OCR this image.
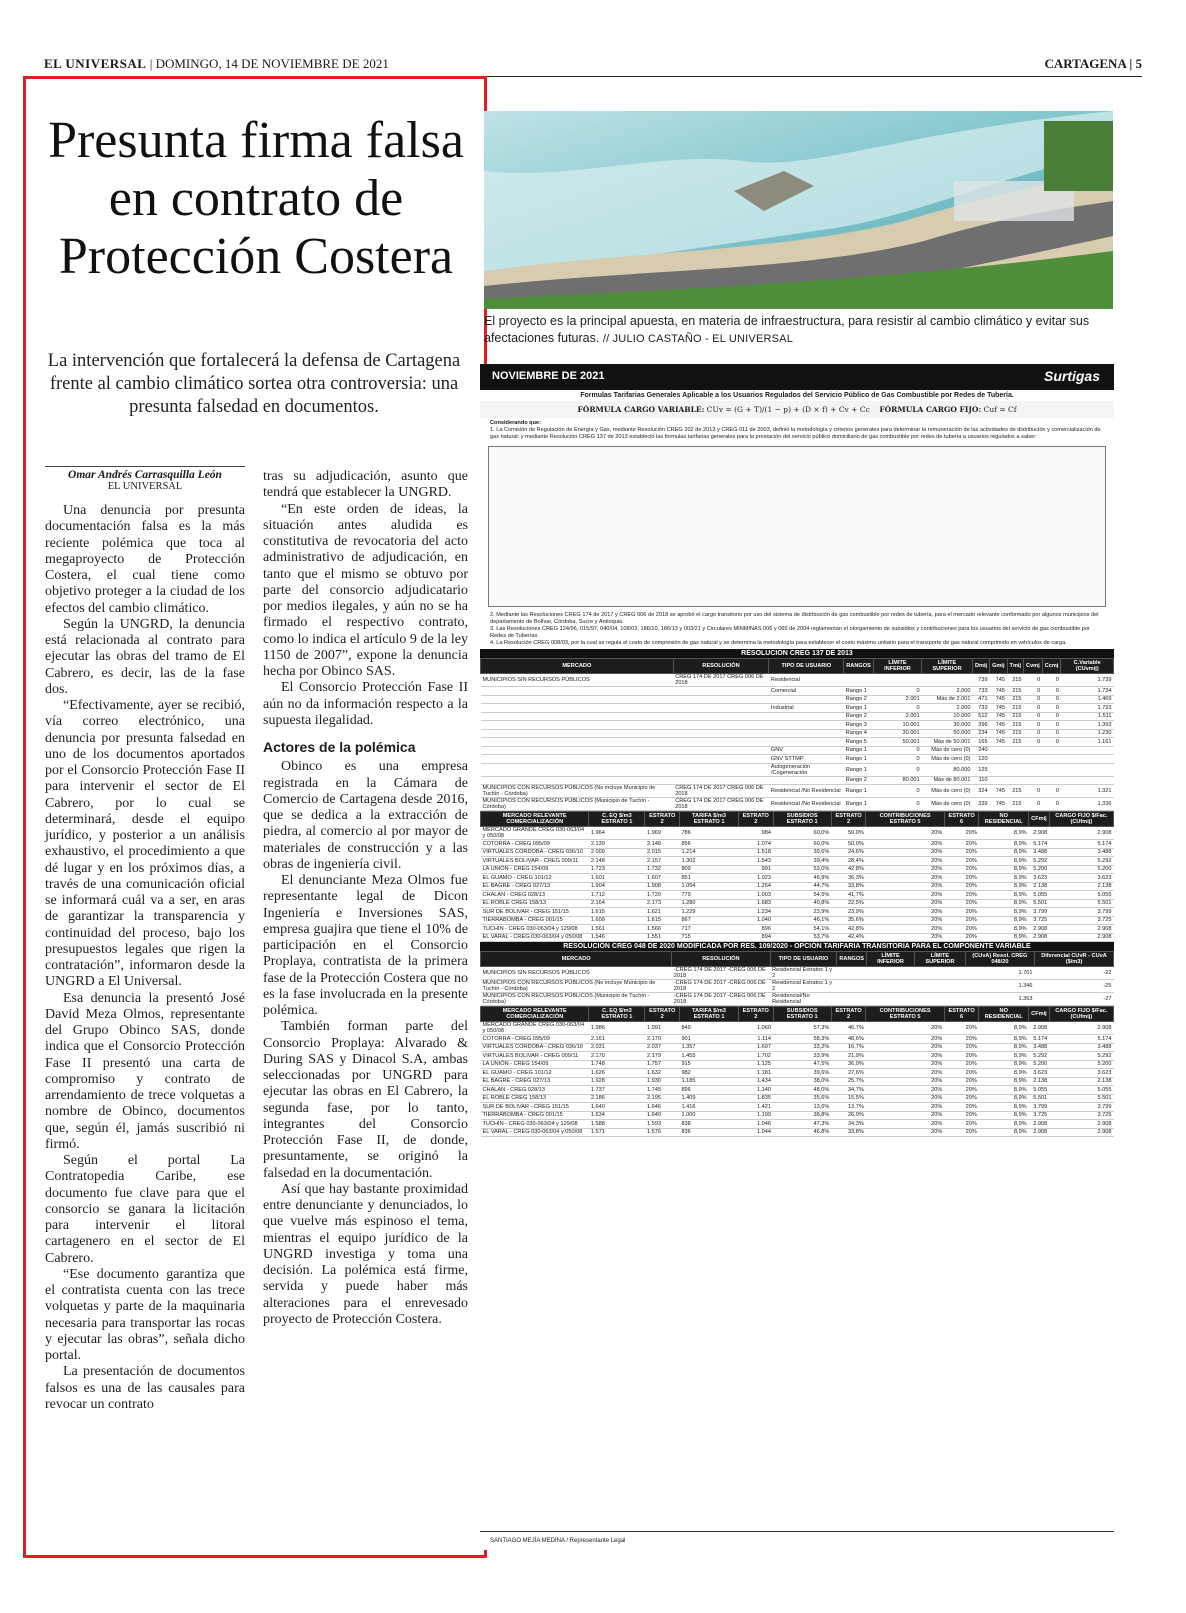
EL UNIVERSAL | DOMINGO, 14 DE NOVIEMBRE DE 2021	CARTAGENA | 5
Presunta firma falsa en contrato de Protección Costera

La intervención que fortalecerá la defensa de Cartagena frente al cambio climático sortea otra controversia: una presunta falsedad en documentos.

Omar Andrés Carrasquilla León
EL UNIVERSAL

Una denuncia por presunta documentación falsa es la más reciente polémica que toca al megaproyecto de Protección Costera, el cual tiene como objetivo proteger a la ciudad de los efectos del cambio climático.

Según la UNGRD, la denuncia está relacionada al contrato para ejecutar las obras del tramo de El Cabrero, es decir, las de la fase dos.

“Efectivamente, ayer se recibió, vía correo electrónico, una denuncia por presunta falsedad en uno de los documentos aportados por el Consorcio Protección Fase II para intervenir el sector de El Cabrero, por lo cual se determinará, desde el equipo jurídico, y posterior a un análisis exhaustivo, el procedimiento a que dé lugar y en los próximos días, a través de una comunicación oficial se informará cuál va a ser, en aras de garantizar la transparencia y continuidad del proceso, bajo los presupuestos legales que rigen la contratación”, informaron desde la UNGRD a El Universal.

Esa denuncia la presentó José David Meza Olmos, representante del Grupo Obinco SAS, donde indica que el Consorcio Protección Fase II presentó una carta de compromiso y contrato de arrendamiento de trece volquetas a nombre de Obinco, documentos que, según él, jamás suscribió ni firmó.

Según el portal La Contratopedia Caribe, ese documento fue clave para que el consorcio se ganara la licitación para intervenir el litoral cartagenero en el sector de El Cabrero.

“Ese documento garantiza que el contratista cuenta con las trece volquetas y parte de la maquinaria necesaria para transportar las rocas y ejecutar las obras”, señala dicho portal.

La presentación de documentos falsos es una de las causales para revocar un contrato

tras su adjudicación, asunto que tendrá que establecer la UNGRD.

“En este orden de ideas, la situación antes aludida es constitutiva de revocatoria del acto administrativo de adjudicación, en tanto que el mismo se obtuvo por parte del consorcio adjudicatario por medios ilegales, y aún no se ha firmado el respectivo contrato, como lo indica el artículo 9 de la ley 1150 de 2007”, expone la denuncia hecha por Obinco SAS.

El Consorcio Protección Fase II aún no da información respecto a la supuesta ilegalidad.

Actores de la polémica

Obinco es una empresa registrada en la Cámara de Comercio de Cartagena desde 2016, que se dedica a la extracción de piedra, al comercio al por mayor de materiales de construcción y a las obras de ingeniería civil.

El denunciante Meza Olmos fue representante legal de Dicon Ingeniería e Inversiones SAS, empresa guajira que tiene el 10% de participación en el Consorcio Proplaya, contratista de la primera fase de la Protección Costera que no es la fase involucrada en la presente polémica.

También forman parte del Consorcio Proplaya: Alvarado & During SAS y Dinacol S.A, ambas seleccionadas por UNGRD para ejecutar las obras en El Cabrero, la segunda fase, por lo tanto, integrantes del Consorcio Protección Fase II, de donde, presuntamente, se originó la falsedad en la documentación.

Así que hay bastante proximidad entre denunciante y denunciados, lo que vuelve más espinoso el tema, mientras el equipo jurídico de la UNGRD investiga y toma una decisión. La polémica está firme, servida y puede haber más alteraciones para el enrevesado proyecto de Protección Costera.

El proyecto es la principal apuesta, en materia de infraestructura, para resistir al cambio climático y evitar sus afectaciones futuras. // JULIO CASTAÑO - EL UNIVERSAL
NOVIEMBRE DE 2021	Surtigas
Formulas Tarifarias Generales Aplicable a los Usuarios Regulados del Servicio Público de Gas Combustible por Redes de Tubería.
FÓRMULA CARGO VARIABLE: CUv = (G + T)/(1 − p) + (D × f) + Cv + Cc    FÓRMULA CARGO FIJO: Cuf = Cf
Considerando que:
1. La Comisión de Regulación de Energía y Gas, mediante Resolución CREG 202 de 2013 y CREG 011 de 2003, definió la metodología y criterios generales para determinar la remuneración de las actividades de distribución y comercialización de gas natural; y mediante Resolución CREG 137 de 2013 estableció las formulas tarifarias generales para la prestación del servicio público domiciliario de gas combustible por redes de tubería a usuarios regulados a saber:
2. Mediante las Resoluciones CREG 174 de 2017 y CREG 006 de 2018 se aprobó el cargo transitorio por uso del sistema de distribución de gas combustible por redes de tubería, para el mercado relevante conformado por algunos municipios del departamento de Bolívar, Córdoba, Sucre y Antioquia.
3. Las Resoluciones CREG 124/96, 015/97, 040/04, 108/03, 186/10, 186/13 y 003/21 y Circulares MINMINAS 006 y 065 de 2004 reglamentan el otorgamiento de subsidios y contribuciones para los usuarios del servicio de gas combustible por Redes de Tuberías.
4. La Resolución CREG 008/03, por la cual se regula el costo de compresión de gas natural y se determina la metodología para establecer el costo máximo unitario para el transporte de gas natural comprimido en vehículos de carga.
RESOLUCIÓN CREG 137 DE 2013
MERCADO	RESOLUCIÓN	TIPO DE USUARIO	RANGOS	LÍMITE INFERIOR	LÍMITE SUPERIOR	Dmij	Gmij	Tmij	Cvmj	Ccmj	C.Variable (CUvmij)
MUNICIPIOS SIN RECURSOS PÚBLICOS	CREG 174 DE 2017 CREG 006 DE 2018	Residencial				739	745	215	0	0	1.739
		Comercial	Rango 1	0	2.000	733	745	215	0	0	1.734
			Rango 2	2.001	Más de 2.001	471	745	215	0	0	1.469
		Industrial	Rango 1	0	2.000	733	745	215	0	0	1.733
			Rango 2	2.001	10.000	512	745	215	0	0	1.511
			Rango 3	10.001	30.000	396	745	215	0	0	1.393
			Rango 4	30.001	50.000	234	745	215	0	0	1.230
			Rango 5	50.001	Más de 50.001	165	745	215	0	0	1.161
		GNV	Rango 1	0	Más de cero (0)	240					
		GNV STTMP	Rango 1	0	Más de cero (0)	120					
		Autogeneración /Cogeneración	Rango 1	0	80.000	125					
			Rango 2	80.001	Más de 80.001	110					
MUNICIPIOS CON RECURSOS PÚBLICOS (No incluye Municipio de Tuchín - Córdoba)	CREG 174 DE 2017 CREG 006 DE 2018	Residencial /No Residencial	Rango 1	0	Más de cero (0)	324	745	215	0	0	1.321
MUNICIPIOS CON RECURSOS PÚBLICOS (Municipio de Tuchín - Córdoba)	CREG 174 DE 2017 CREG 006 DE 2018	Residencial /No Residencial	Rango 1	0	Más de cero (0)	339	745	215	0	0	1.336
MERCADO RELEVANTE COMERCIALIZACIÓN	C. EQ $/m3 ESTRATO 1	ESTRATO 2	TARIFA $/m3 ESTRATO 1	ESTRATO 2	SUBSIDIOS ESTRATO 1	ESTRATO 2	CONTRIBUCIONES ESTRATO 5	ESTRATO 6	NO RESIDENCIAL	CFmij	CARGO FIJO $/Fac. (CUfmij)
MERCADO GRANDE CREG 030-063/04 y 050/08	1.964	1.969	786	984	60,0%	50,0%	20%	20%	8,9%	2.908	2.908
COTORRA - CREG 095/09	2.139	2.148	856	1.074	60,0%	50,0%	20%	20%	8,9%	5.174	5.174
VIRTUALES CORDOBA - CREG 036/10	2.009	2.015	1.214	1.518	39,6%	24,6%	20%	20%	8,9%	3.488	3.488
VIRTUALES BOLIVAR - CREG 009/11	2.148	2.157	1.302	1.543	39,4%	28,4%	20%	20%	8,9%	5.292	5.292
LA UNIÓN - CREG 154/09	1.723	1.732	809	991	53,0%	42,8%	20%	20%	8,9%	5.200	5.200
EL GUAMO - CREG 101/12	1.601	1.607	851	1.023	46,9%	36,3%	20%	20%	8,9%	3.623	3.623
EL BAGRE - CREG 027/13	1.904	1.908	1.054	1.264	44,7%	33,8%	20%	20%	8,9%	2.138	2.138
CHALAN - CREG 028/13	1.712	1.720	779	1.003	54,5%	41,7%	20%	20%	8,9%	5.055	5.055
EL ROBLE CREG 158/13	2.164	2.173	1.280	1.683	40,8%	22,5%	20%	20%	8,9%	5.501	5.501
SUR DE BOLIVAR - CREG 151/15	1.615	1.621	1.229	1.234	23,9%	23,9%	20%	20%	8,9%	3.799	3.799
TIERRABOMBA - CREG 001/15	1.609	1.615	867	1.040	46,1%	35,6%	20%	20%	8,9%	3.725	3.725
TUCHÍN - CREG 030-063/04 y 129/08	1.561	1.566	717	896	54,1%	42,8%	20%	20%	8,9%	2.908	2.908
EL VARAL - CREG 030-063/04 y 050/08	1.546	1.551	715	894	53,7%	42,4%	20%	20%	8,9%	2.908	2.908
RESOLUCIÓN CREG 048 DE 2020 MODIFICADA POR RES. 109/2020 - OPCIÓN TARIFARIA TRANSITORIA PARA EL COMPONENTE VARIABLE
MERCADO	RESOLUCIÓN	TIPO DE USUARIO	RANGOS	LÍMITE INFERIOR	LÍMITE SUPERIOR	(CUvA) Resol. CREG 048/20	Diferencial CUvR - CUvA ($/m3)
MUNICIPIOS SIN RECURSOS PÚBLICOS	-CREG 174 DE 2017 -CREG 006 DE 2018	Residencial Estratos 1 y 2				1.761	-22
MUNICIPIOS CON RECURSOS PÚBLICOS (No incluye Municipio de Tuchín - Córdoba)	-CREG 174 DE 2017 -CREG 006 DE 2018	Residencial Estratos 1 y 2				1.346	-25
MUNICIPIOS CON RECURSOS PÚBLICOS (Municipio de Tuchín - Córdoba)	-CREG 174 DE 2017 -CREG 006 DE 2018	Residencial/No Residencial				1.363	-27
MERCADO RELEVANTE COMERCIALIZACIÓN	C. EQ $/m3 ESTRATO 1	ESTRATO 2	TARIFA $/m3 ESTRATO 1	ESTRATO 2	SUBSIDIOS ESTRATO 1	ESTRATO 2	CONTRIBUCIONES ESTRATO 5	ESTRATO 6	NO RESIDENCIAL	CFmij	CARGO FIJO $/Fac. (CUfmij)
MERCADO GRANDE CREG 030-063/04 y 050/08	1.986	1.991	849	1.060	57,3%	46,7%	20%	20%	8,9%	2.908	2.908
COTORRA - CREG 095/09	2.161	2.170	901	1.114	58,3%	48,6%	20%	20%	8,9%	5.174	5.174
VIRTUALES CORDOBA - CREG 036/10	2.031	2.037	1.357	1.697	33,2%	16,7%	20%	20%	8,9%	3.488	3.488
VIRTUALES BOLIVAR - CREG 009/11	2.170	2.179	1.455	1.702	33,9%	21,9%	20%	20%	8,9%	5.292	5.292
LA UNIÓN - CREG 154/09	1.748	1.757	915	1.125	47,5%	36,0%	20%	20%	8,9%	5.200	5.200
EL GUAMO - CREG 101/12	1.626	1.632	982	1.181	39,6%	27,6%	20%	20%	8,9%	3.623	3.623
EL BAGRE - CREG 027/13	1.928	1.930	1.185	1.434	38,0%	25,7%	20%	20%	8,9%	2.138	2.138
CHALAN - CREG 028/13	1.737	1.745	896	1.140	48,0%	34,7%	20%	20%	8,9%	5.055	5.055
EL ROBLE CREG 158/13	2.186	2.195	1.409	1.835	35,6%	15,5%	20%	20%	8,9%	5.501	5.501
SUR DE BOLIVAR - CREG 151/15	1.640	1.646	1.416	1.421	13,6%	13,7%	20%	20%	8,9%	3.799	3.799
TIERRABOMBA - CREG 001/15	1.634	1.640	1.000	1.199	38,8%	26,9%	20%	20%	8,9%	3.725	3.725
TUCHÍN - CREG 030-063/04 y 129/08	1.588	1.593	838	1.046	47,3%	34,3%	20%	20%	8,9%	2.908	2.908
EL VARAL - CREG 030-063/04 y 050/08	1.571	1.576	836	1.044	46,8%	33,8%	20%	20%	8,9%	2.908	2.908
SANTIAGO MEJÍA MEDINA / Representante Legal
